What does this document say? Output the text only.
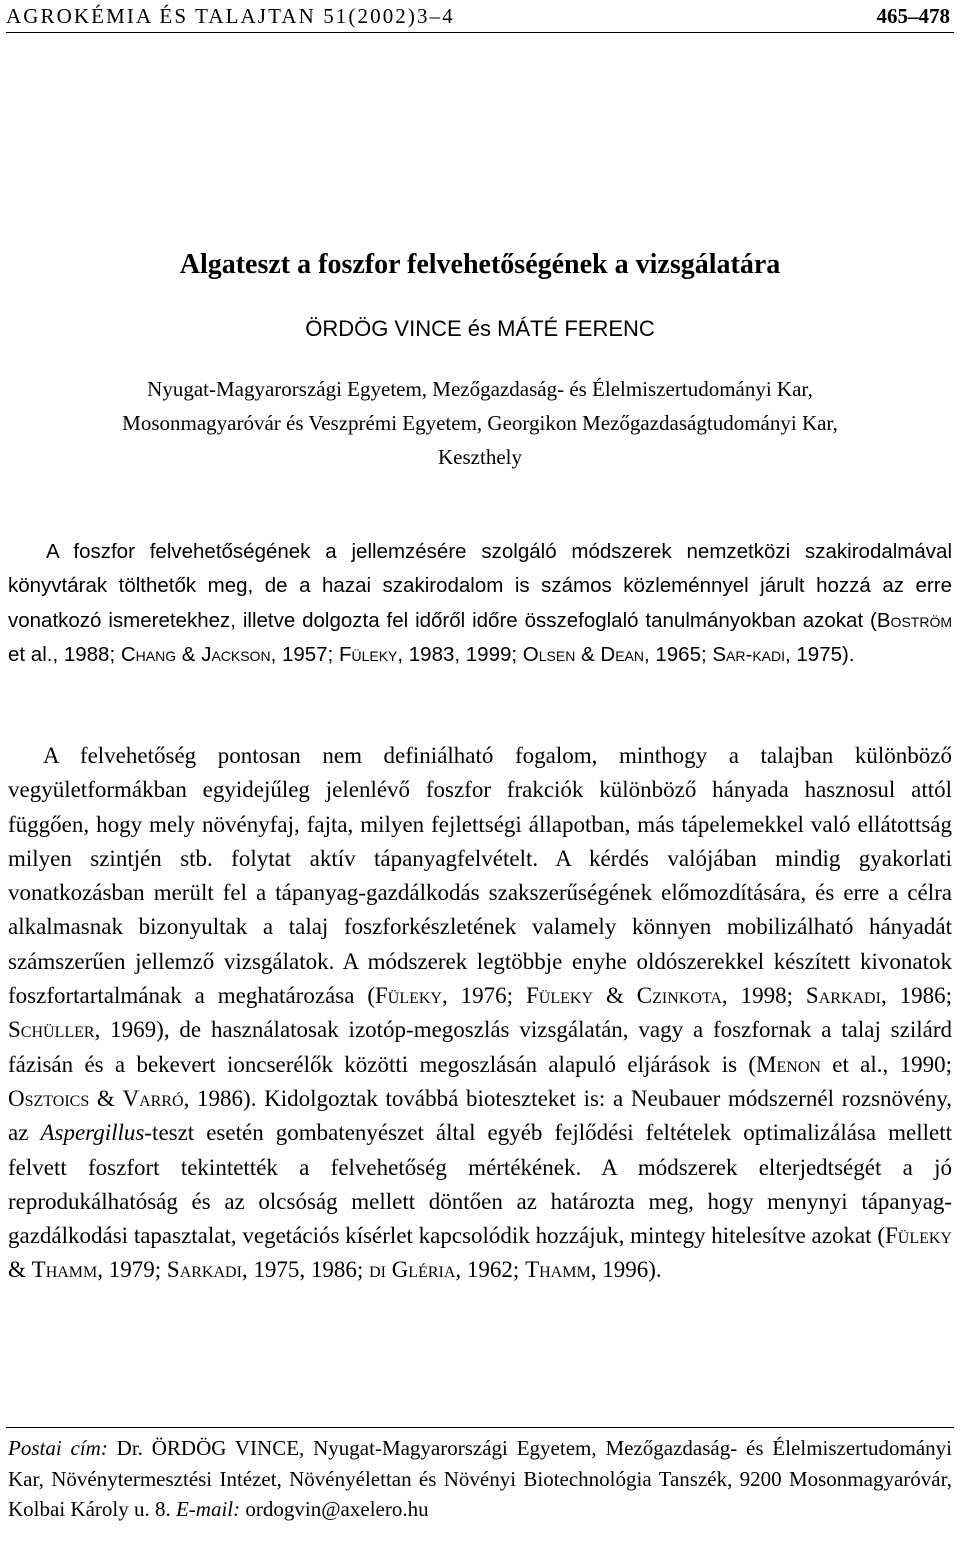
AGROKÉMIA ÉS TALAJTAN 51(2002)3–4	465–478
Algateszt a foszfor felvehetőségének a vizsgálatára
ÖRDÖG VINCE és MÁTÉ FERENC
Nyugat-Magyarországi Egyetem, Mezőgazdaság- és Élelmiszertudományi Kar,
Mosonmagyaróvár és Veszprémi Egyetem, Georgikon Mezőgazdaságtudományi Kar,
Keszthely

A foszfor felvehetőségének a jellemzésére szolgáló módszerek nemzetközi szakirodalmával könyvtárak tölthetők meg, de a hazai szakirodalom is számos közleménnyel járult hozzá az erre vonatkozó ismeretekhez, illetve dolgozta fel időről időre összefoglaló tanulmányokban azokat (Boström et al., 1988; Chang & Jackson, 1957; Füleky, 1983, 1999; Olsen & Dean, 1965; Sar-kadi, 1975).

A felvehetőség pontosan nem definiálható fogalom, minthogy a talajban különböző vegyületformákban egyidejűleg jelenlévő foszfor frakciók különböző hányada hasznosul attól függően, hogy mely növényfaj, fajta, milyen fejlettségi állapotban, más tápelemekkel való ellátottság milyen szintjén stb. folytat aktív tápanyagfelvételt. A kérdés valójában mindig gyakorlati vonatkozásban merült fel a tápanyag-gazdálkodás szakszerűségének előmozdítására, és erre a célra alkalmasnak bizonyultak a talaj foszforkészletének valamely könnyen mobilizálható hányadát számszerűen jellemző vizsgálatok. A módszerek legtöbbje enyhe oldószerekkel készített kivonatok foszfortartalmának a meghatározása (Füleky, 1976; Füleky & Czinkota, 1998; Sarkadi, 1986; Schüller, 1969), de használatosak izotóp-megoszlás vizsgálatán, vagy a foszfornak a talaj szilárd fázisán és a bekevert ioncserélők közötti megoszlásán alapuló eljárások is (Menon et al., 1990; Osztoics & Varró, 1986). Kidolgoztak továbbá bioteszteket is: a Neubauer módszernél rozsnövény, az Aspergillus-teszt esetén gombatenyészet által egyéb fejlődési feltételek optimalizálása mellett felvett foszfort tekintették a felvehetőség mértékének. A módszerek elterjedtségét a jó reprodukálhatóság és az olcsóság mellett döntően az határozta meg, hogy menynyi tápanyag-gazdálkodási tapasztalat, vegetációs kísérlet kapcsolódik hozzájuk, mintegy hitelesítve azokat (Füleky & Thamm, 1979; Sarkadi, 1975, 1986; di Gléria, 1962; Thamm, 1996).

Postai cím: Dr. ÖRDÖG VINCE, Nyugat-Magyarországi Egyetem, Mezőgazdaság- és Élelmiszertudományi Kar, Növénytermesztési Intézet, Növényélettan és Növényi Biotechnológia Tanszék, 9200 Mosonmagyaróvár, Kolbai Károly u. 8. E-mail: ordogvin@axelero.hu
